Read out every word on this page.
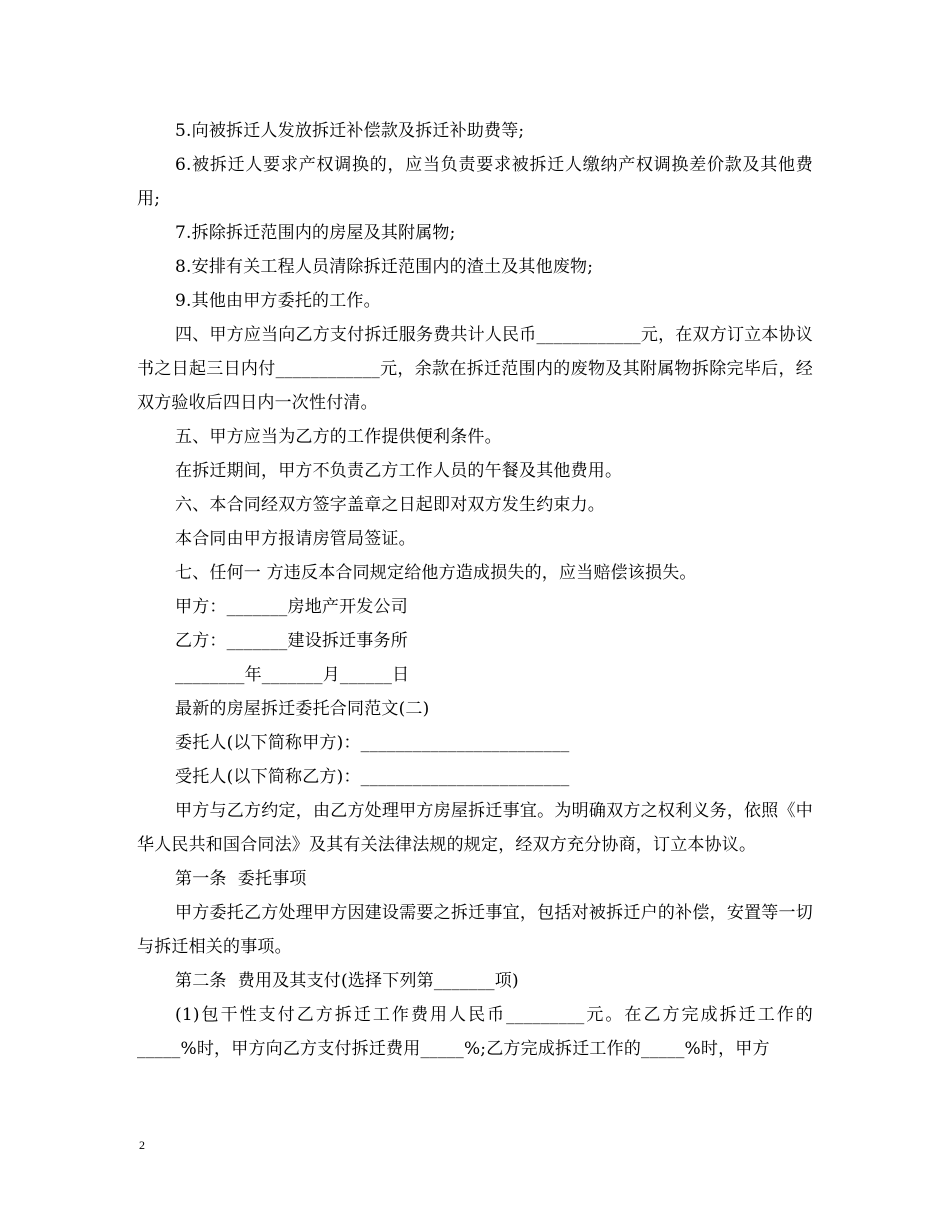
5.向被拆迁人发放拆迁补偿款及拆迁补助费等;

6.被拆迁人要求产权调换的，应当负责要求被拆迁人缴纳产权调换差价款及其他费用;

7.拆除拆迁范围内的房屋及其附属物;

8.安排有关工程人员清除拆迁范围内的渣土及其他废物;

9.其他由甲方委托的工作。

四、甲方应当向乙方支付拆迁服务费共计人民币____________元，在双方订立本协议书之日起三日内付____________元，余款在拆迁范围内的废物及其附属物拆除完毕后，经双方验收后四日内一次性付清。

五、甲方应当为乙方的工作提供便利条件。

在拆迁期间，甲方不负责乙方工作人员的午餐及其他费用。

六、本合同经双方签字盖章之日起即对双方发生约束力。

本合同由甲方报请房管局签证。

七、任何一 方违反本合同规定给他方造成损失的，应当赔偿该损失。

甲方：_______房地产开发公司

乙方：_______建设拆迁事务所

________年_______月______日

最新的房屋拆迁委托合同范文(二)

委托人(以下简称甲方)：________________________

受托人(以下简称乙方)：________________________

甲方与乙方约定，由乙方处理甲方房屋拆迁事宜。为明确双方之权利义务，依照《中华人民共和国合同法》及其有关法律法规的规定，经双方充分协商，订立本协议。

第一条  委托事项

甲方委托乙方处理甲方因建设需要之拆迁事宜，包括对被拆迁户的补偿，安置等一切与拆迁相关的事项。

第二条  费用及其支付(选择下列第_______项)

(1)包干性支付乙方拆迁工作费用人民币_________元。在乙方完成拆迁工作的_____%时，甲方向乙方支付拆迁费用_____%;乙方完成拆迁工作的_____%时，甲方

2
